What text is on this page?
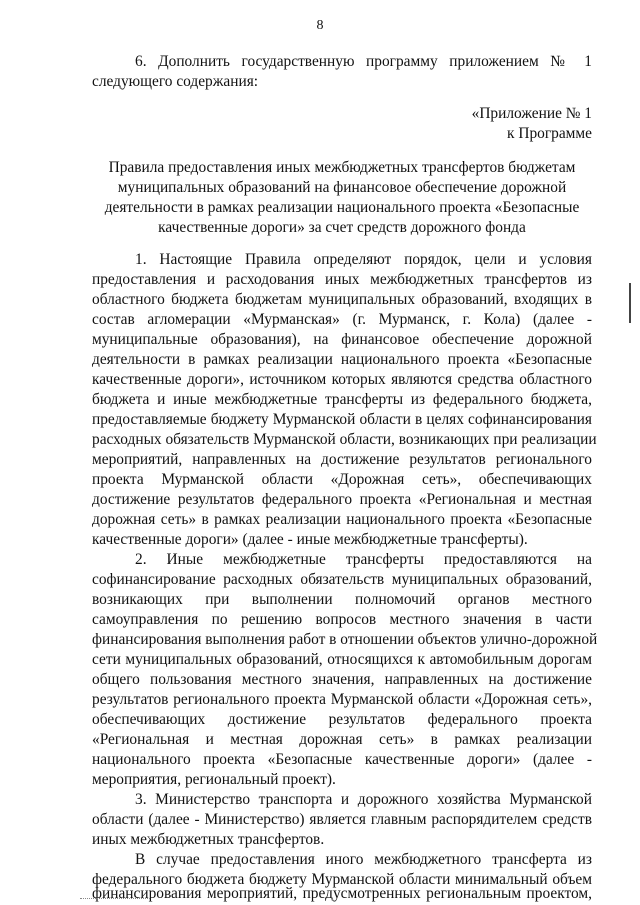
8
6. Дополнить государственную программу приложением № 1
следующего содержания:
«Приложение № 1
к Программе
Правила предоставления иных межбюджетных трансфертов бюджетам
муниципальных образований на финансовое обеспечение дорожной
деятельности в рамках реализации национального проекта «Безопасные
качественные дороги» за счет средств дорожного фонда
1. Настоящие Правила определяют порядок, цели и условия
предоставления и расходования иных межбюджетных трансфертов из
областного бюджета бюджетам муниципальных образований, входящих в
состав агломерации «Мурманская» (г. Мурманск, г. Кола) (далее -
муниципальные образования), на финансовое обеспечение дорожной
деятельности в рамках реализации национального проекта «Безопасные
качественные дороги», источником которых являются средства областного
бюджета и иные межбюджетные трансферты из федерального бюджета,
предоставляемые бюджету Мурманской области в целях софинансирования
расходных обязательств Мурманской области, возникающих при реализации
мероприятий, направленных на достижение результатов регионального
проекта Мурманской области «Дорожная сеть», обеспечивающих
достижение результатов федерального проекта «Региональная и местная
дорожная сеть» в рамках реализации национального проекта «Безопасные
качественные дороги» (далее - иные межбюджетные трансферты).
2. Иные межбюджетные трансферты предоставляются на
софинансирование расходных обязательств муниципальных образований,
возникающих при выполнении полномочий органов местного
самоуправления по решению вопросов местного значения в части
финансирования выполнения работ в отношении объектов улично-дорожной
сети муниципальных образований, относящихся к автомобильным дорогам
общего пользования местного значения, направленных на достижение
результатов регионального проекта Мурманской области «Дорожная сеть»,
обеспечивающих достижение результатов федерального проекта
«Региональная и местная дорожная сеть» в рамках реализации
национального проекта «Безопасные качественные дороги» (далее -
мероприятия, региональный проект).
3. Министерство транспорта и дорожного хозяйства Мурманской
области (далее - Министерство) является главным распорядителем средств
иных межбюджетных трансфертов.
В случае предоставления иного межбюджетного трансферта из
федерального бюджета бюджету Мурманской области минимальный объем
финансирования мероприятий, предусмотренных региональным проектом,
